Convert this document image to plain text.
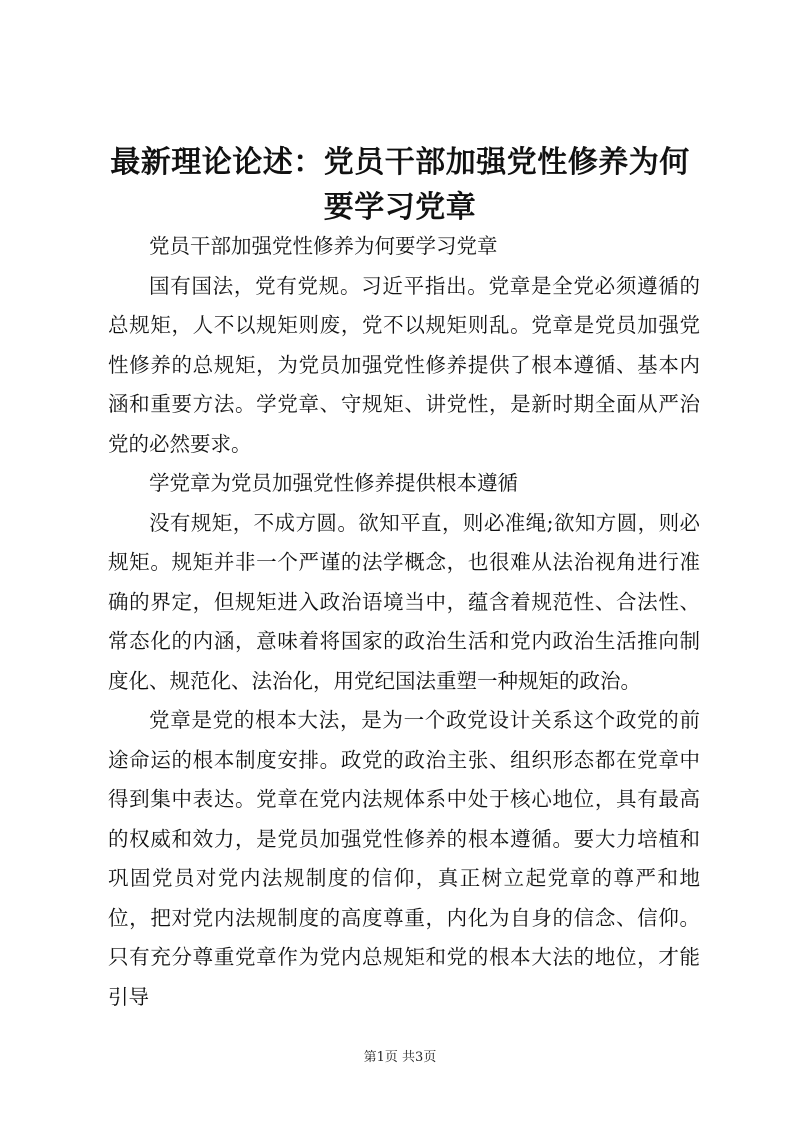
最新理论论述：党员干部加强党性修养为何要学习党章

党员干部加强党性修养为何要学习党章

国有国法，党有党规。习近平指出。党章是全党必须遵循的总规矩，人不以规矩则废，党不以规矩则乱。党章是党员加强党性修养的总规矩，为党员加强党性修养提供了根本遵循、基本内涵和重要方法。学党章、守规矩、讲党性，是新时期全面从严治党的必然要求。

学党章为党员加强党性修养提供根本遵循

没有规矩，不成方圆。欲知平直，则必准绳;欲知方圆，则必规矩。规矩并非一个严谨的法学概念，也很难从法治视角进行准确的界定，但规矩进入政治语境当中，蕴含着规范性、合法性、常态化的内涵，意味着将国家的政治生活和党内政治生活推向制度化、规范化、法治化，用党纪国法重塑一种规矩的政治。

党章是党的根本大法，是为一个政党设计关系这个政党的前途命运的根本制度安排。政党的政治主张、组织形态都在党章中得到集中表达。党章在党内法规体系中处于核心地位，具有最高的权威和效力，是党员加强党性修养的根本遵循。要大力培植和巩固党员对党内法规制度的信仰，真正树立起党章的尊严和地位，把对党内法规制度的高度尊重，内化为自身的信念、信仰。只有充分尊重党章作为党内总规矩和党的根本大法的地位，才能引导

第1页 共3页
